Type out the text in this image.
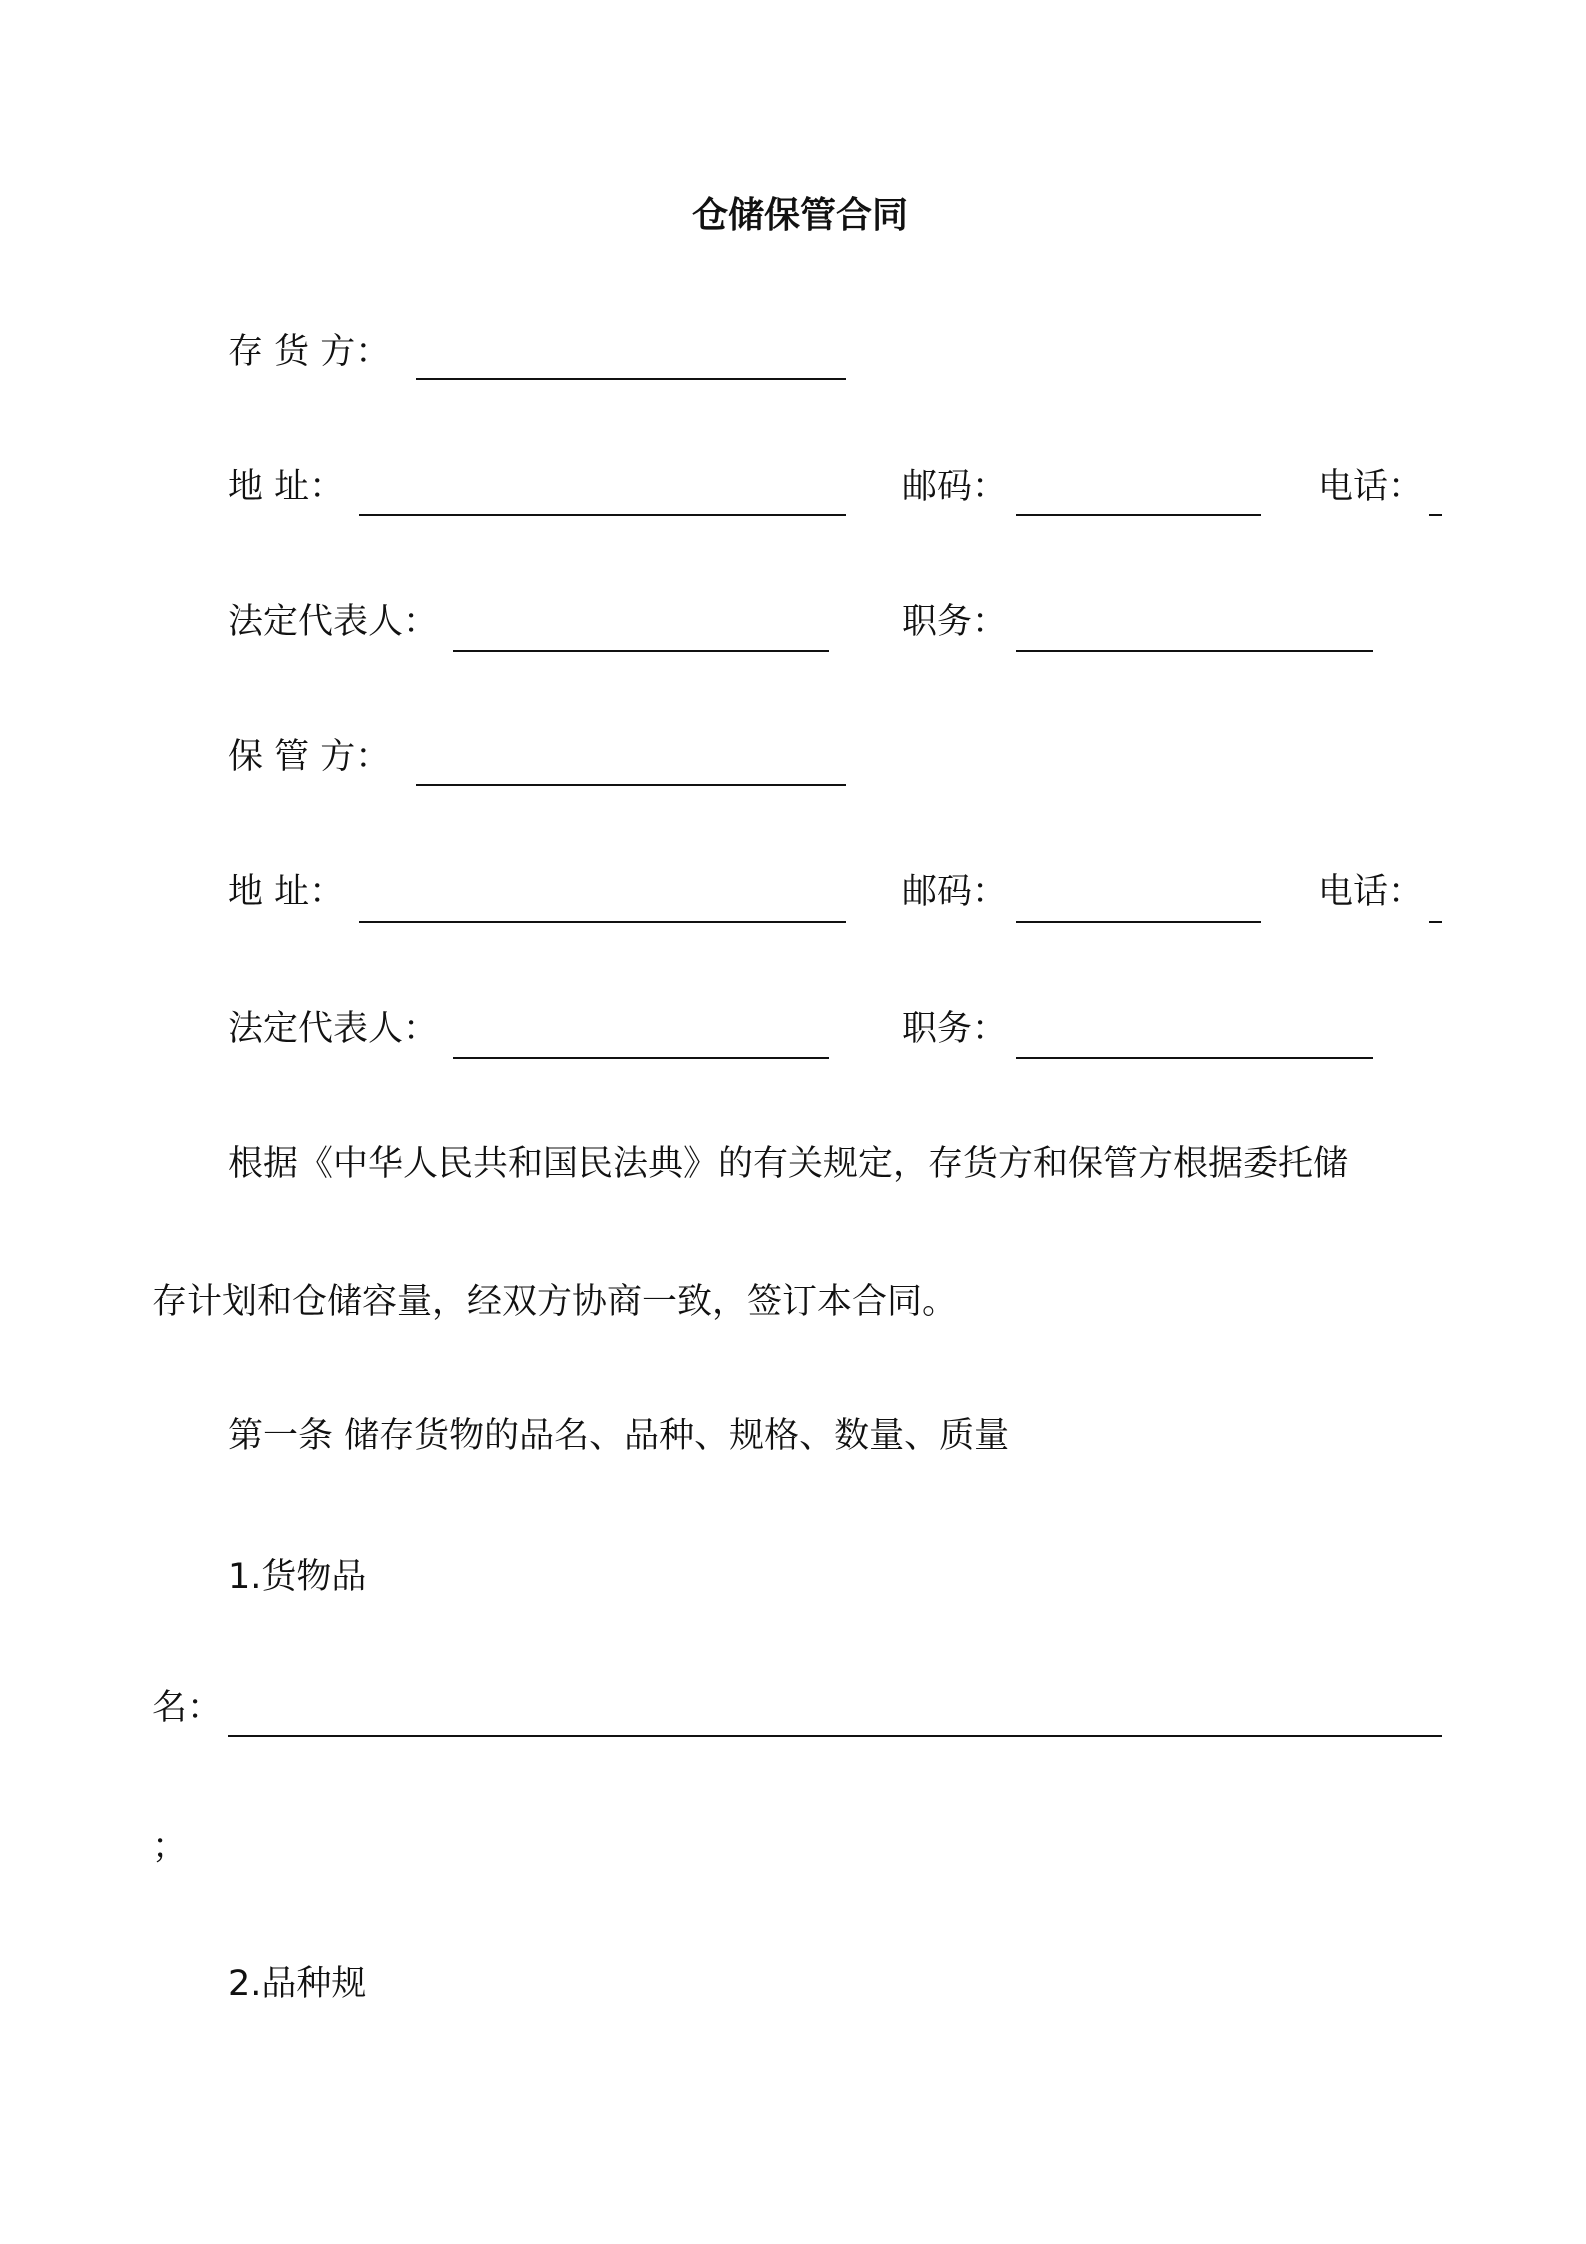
仓储保管合同
存 货 方：
地 址：	邮码：	电话：
法定代表人：	职务：
保 管 方：
地 址：	邮码：	电话：
法定代表人：	职务：
根据《中华人民共和国民法典》的有关规定，存货方和保管方根据委托储
存计划和仓储容量，经双方协商一致，签订本合同。
第一条 储存货物的品名、品种、规格、数量、质量
1.货物品
名：
；
2.品种规
